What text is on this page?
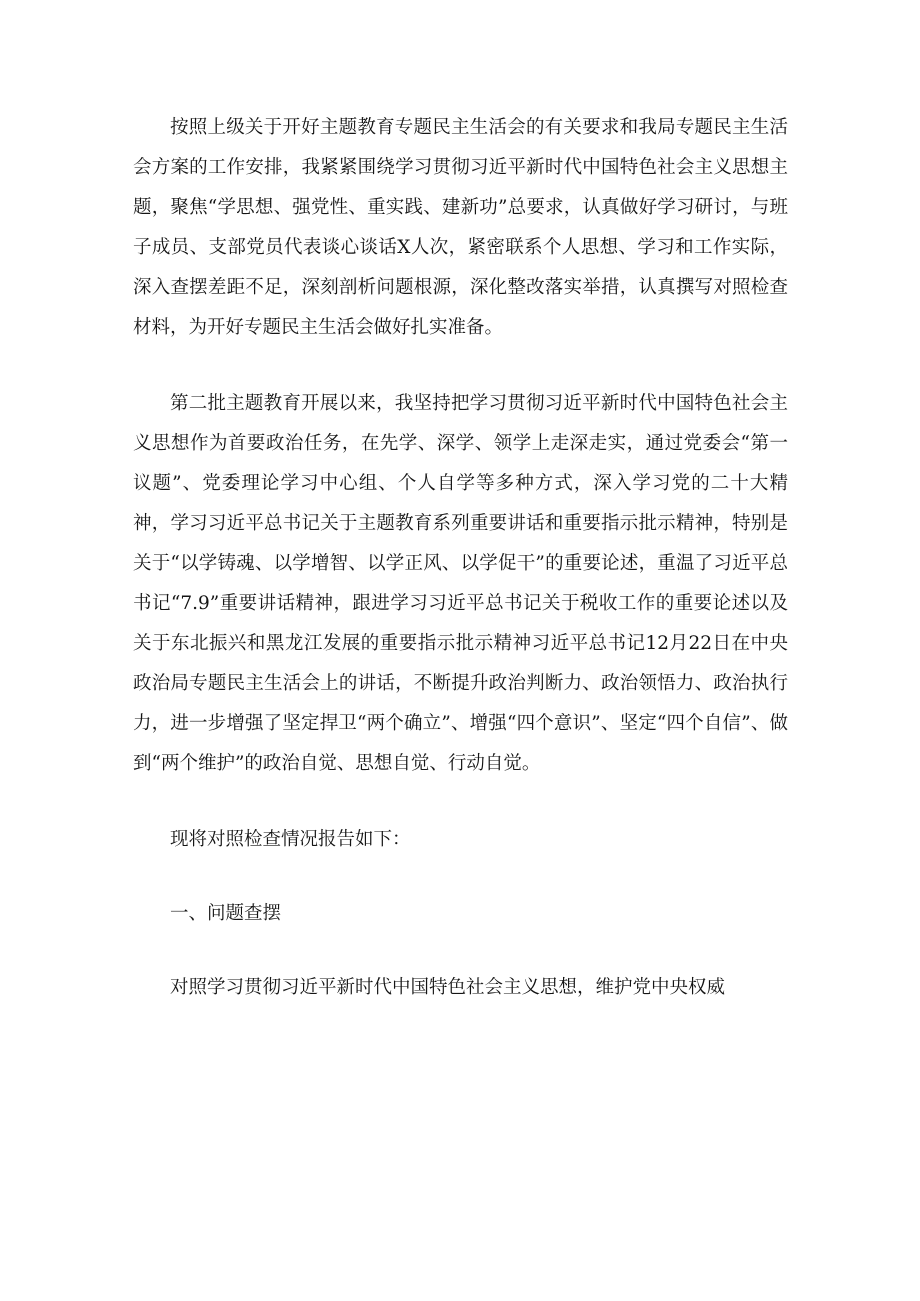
按照上级关于开好主题教育专题民主生活会的有关要求和我局专题民主生活会方案的工作安排，我紧紧围绕学习贯彻习近平新时代中国特色社会主义思想主题，聚焦“学思想、强党性、重实践、建新功”总要求，认真做好学习研讨，与班子成员、支部党员代表谈心谈话X人次，紧密联系个人思想、学习和工作实际，深入查摆差距不足，深刻剖析问题根源，深化整改落实举措，认真撰写对照检查材料，为开好专题民主生活会做好扎实准备。

第二批主题教育开展以来，我坚持把学习贯彻习近平新时代中国特色社会主义思想作为首要政治任务，在先学、深学、领学上走深走实，通过党委会“第一议题”、党委理论学习中心组、个人自学等多种方式，深入学习党的二十大精神，学习习近平总书记关于主题教育系列重要讲话和重要指示批示精神，特别是关于“以学铸魂、以学增智、以学正风、以学促干”的重要论述，重温了习近平总书记“7.9”重要讲话精神，跟进学习习近平总书记关于税收工作的重要论述以及关于东北振兴和黑龙江发展的重要指示批示精神习近平总书记12月22日在中央政治局专题民主生活会上的讲话，不断提升政治判断力、政治领悟力、政治执行力，进一步增强了坚定捍卫“两个确立”、增强“四个意识”、坚定“四个自信”、做到“两个维护”的政治自觉、思想自觉、行动自觉。

现将对照检查情况报告如下：

一、问题查摆

对照学习贯彻习近平新时代中国特色社会主义思想，维护党中央权威
